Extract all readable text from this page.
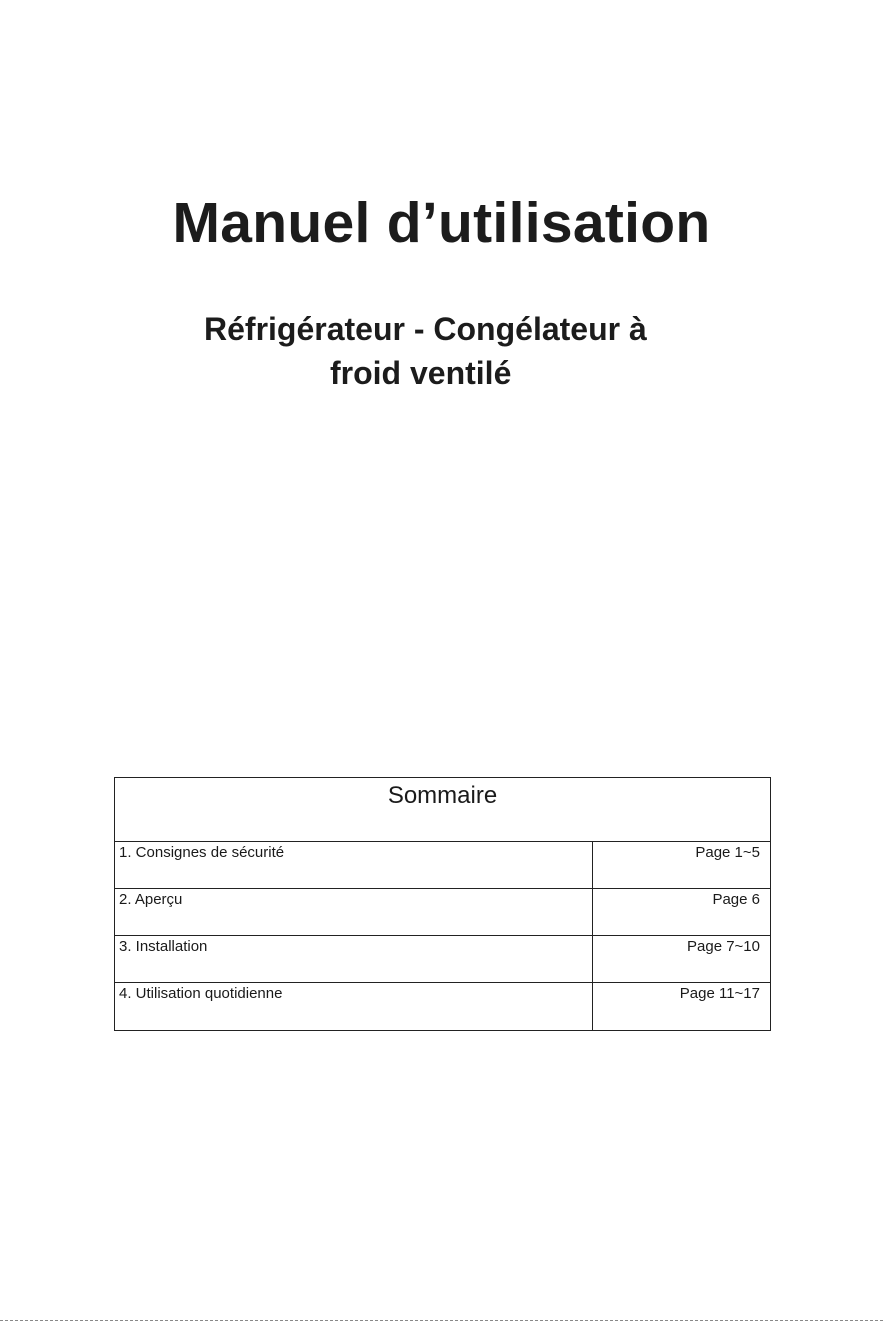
Manuel d’utilisation
Réfrigérateur - Congélateur à
froid ventilé
Sommaire
1. Consignes de sécurité	Page 1~5
2. Aperçu	Page 6
3. Installation	Page 7~10
4. Utilisation quotidienne	Page 11~17
